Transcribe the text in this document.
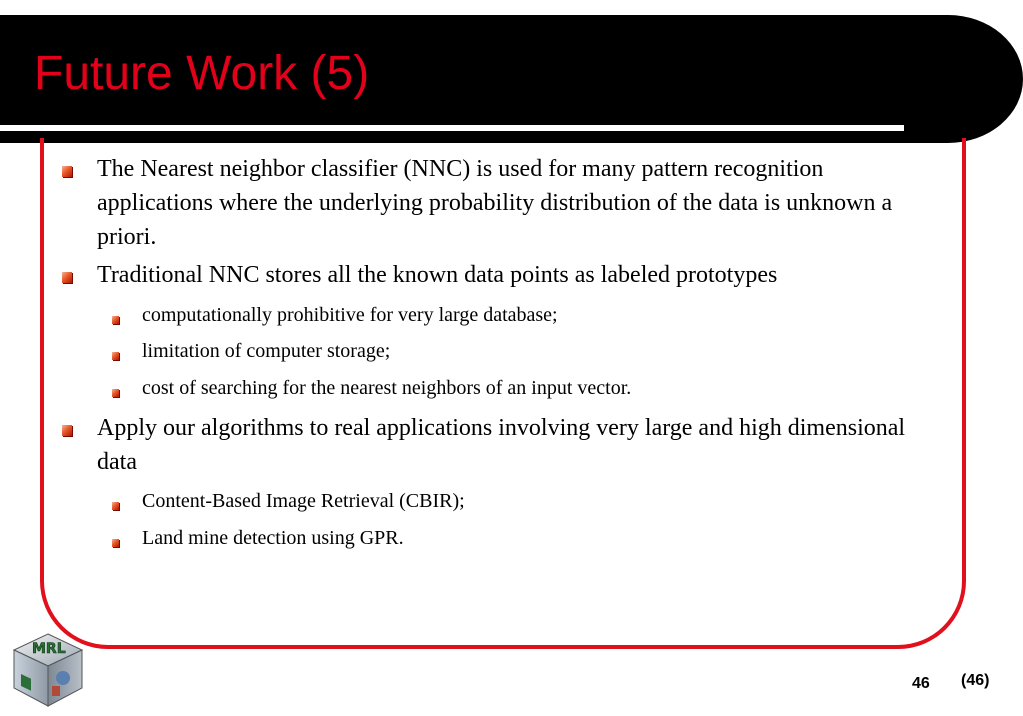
Future Work (5)

The Nearest neighbor classifier (NNC) is used for many pattern recognition applications where the underlying probability distribution of the data is unknown a priori.

Traditional NNC stores all the known data points as labeled prototypes

computationally prohibitive for very large database;

limitation of computer storage;

cost of searching for the nearest neighbors of an input vector.

Apply our algorithms to real applications involving very large and high dimensional data

Content-Based Image Retrieval (CBIR);

Land mine detection using GPR.

MRL
46 (46)
